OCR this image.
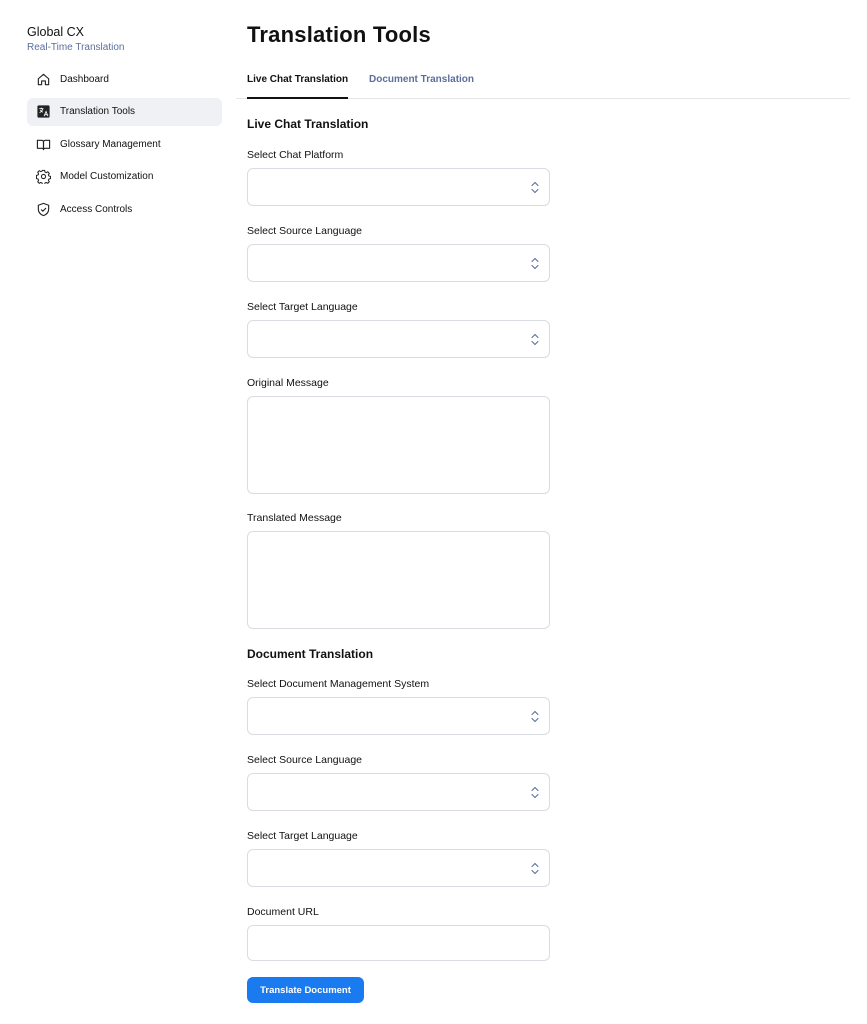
Global CX
Real-Time Translation
Dashboard
Translation Tools
Glossary Management
Model Customization
Access Controls
Translation Tools
Live Chat Translation Document Translation
Live Chat Translation
Select Chat Platform
Select Source Language
Select Target Language
Original Message
Translated Message
Document Translation
Select Document Management System
Select Source Language
Select Target Language
Document URL
Translate Document
